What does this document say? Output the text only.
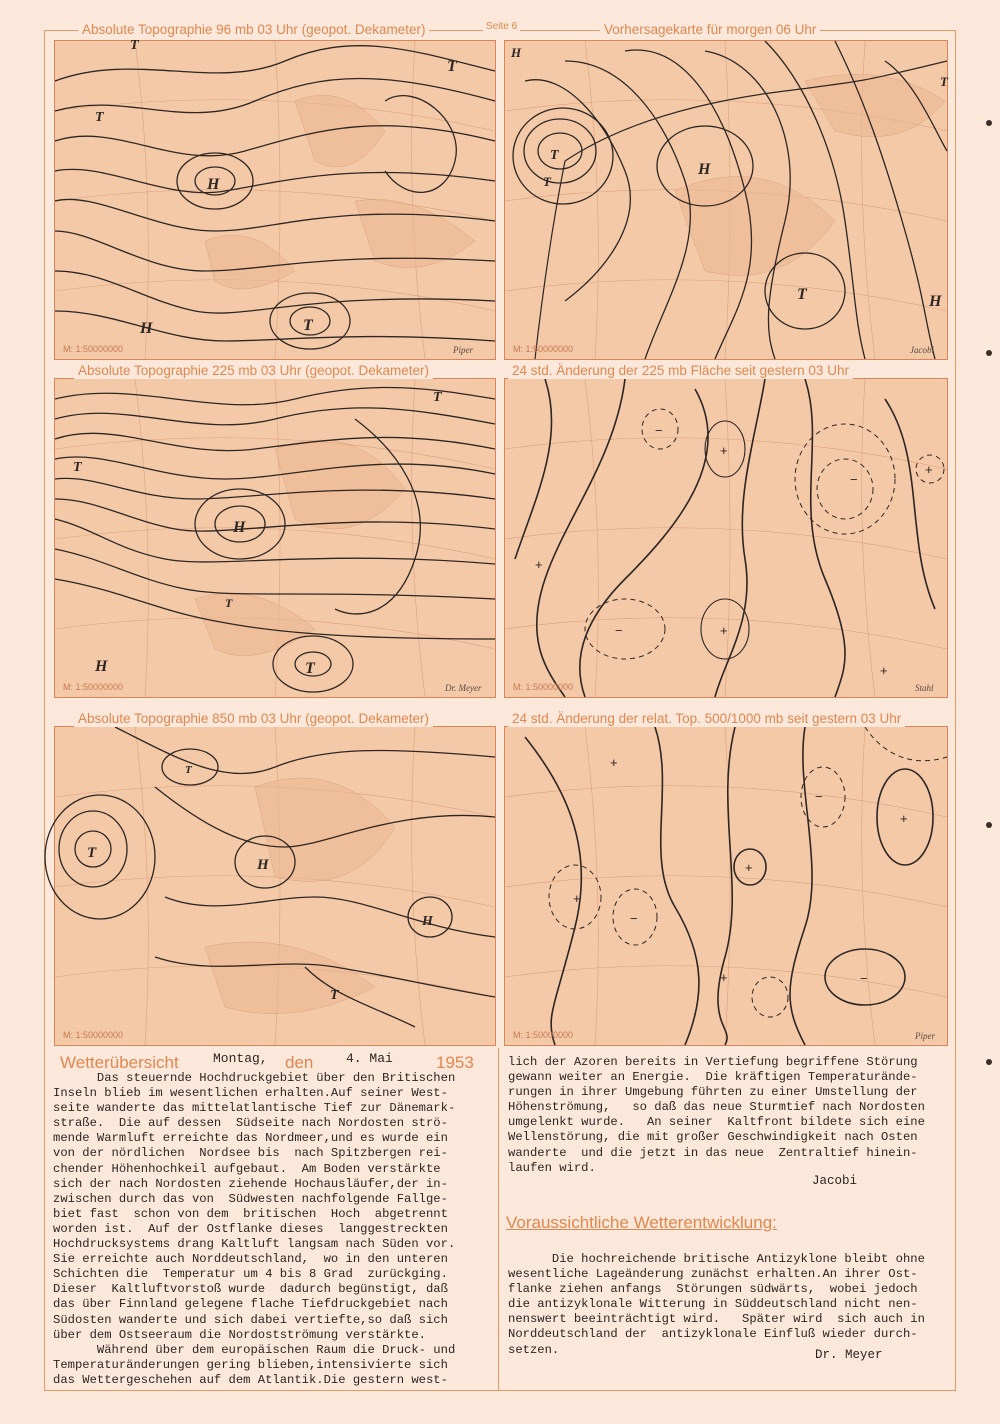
Seite 6
T
T
T
H
T
H
M: 1:50000000	Piper
Absolute Topographie 96 mb 03 Uhr (geopot. Dekameter)
T
T
H
H
T	H
T
M: 1:50000000	Jacobi
Vorhersagekarte für morgen 06 Uhr
T
T
H
T
H
T
M: 1:50000000	Dr. Meyer
Absolute Topographie 225 mb 03 Uhr (geopot. Dekameter)
−
+
−
+
+
+
+
−
M: 1:50000000	Stahl
24 std. Änderung der 225 mb Fläche seit gestern 03 Uhr
T
H
H
T
T
M: 1:50000000
Absolute Topographie 850 mb 03 Uhr (geopot. Dekameter)
+
+
+
−
+
−
−
+
M: 1:50000000	Piper
24 std. Änderung der relat. Top. 500/1000 mb seit gestern 03 Uhr
Wetterübersicht	Montag, den	4. Mai	1953
Das steuernde Hochdruckgebiet über den Britischen
Inseln blieb im wesentlichen erhalten.Auf seiner West-
seite wanderte das mittelatlantische Tief zur Dänemark-
straße.  Die auf dessen  Südseite nach Nordosten strö-
mende Warmluft erreichte das Nordmeer,und es wurde ein
von der nördlichen  Nordsee bis  nach Spitzbergen rei-
chender Höhenhochkeil aufgebaut.  Am Boden verstärkte
sich der nach Nordosten ziehende Hochausläufer,der in-
zwischen durch das von  Südwesten nachfolgende Fallge-
biet fast  schon von dem  britischen  Hoch  abgetrennt
worden ist.  Auf der Ostflanke dieses  langgestreckten
Hochdrucksystems drang Kaltluft langsam nach Süden vor.
Sie erreichte auch Norddeutschland,  wo in den unteren
Schichten die  Temperatur um 4 bis 8 Grad  zurückging.
Dieser  Kaltluftvorstoß wurde  dadurch begünstigt, daß
das über Finnland gelegene flache Tiefdruckgebiet nach
Südosten wanderte und sich dabei vertiefte,so daß sich
über dem Ostseeraum die Nordostströmung verstärkte.
Während über dem europäischen Raum die Druck- und
Temperaturänderungen gering blieben,intensivierte sich
das Wettergeschehen auf dem Atlantik.Die gestern west-
lich der Azoren bereits in Vertiefung begriffene Störung
gewann weiter an Energie.  Die kräftigen Temperaturände-
rungen in ihrer Umgebung führten zu einer Umstellung der
Höhenströmung,   so daß das neue Sturmtief nach Nordosten
umgelenkt wurde.   An seiner  Kaltfront bildete sich eine
Wellenstörung, die mit großer Geschwindigkeit nach Osten
wanderte  und die jetzt in das neue  Zentraltief hinein-
laufen wird.
Jacobi
Voraussichtliche Wetterentwicklung:
Die hochreichende britische Antizyklone bleibt ohne
wesentliche Lageänderung zunächst erhalten.An ihrer Ost-
flanke ziehen anfangs  Störungen südwärts,  wobei jedoch
die antizyklonale Witterung in Süddeutschland nicht nen-
nenswert beeinträchtigt wird.   Später wird  sich auch in
Norddeutschland der  antizyklonale Einfluß wieder durch-
setzen.	Dr. Meyer
